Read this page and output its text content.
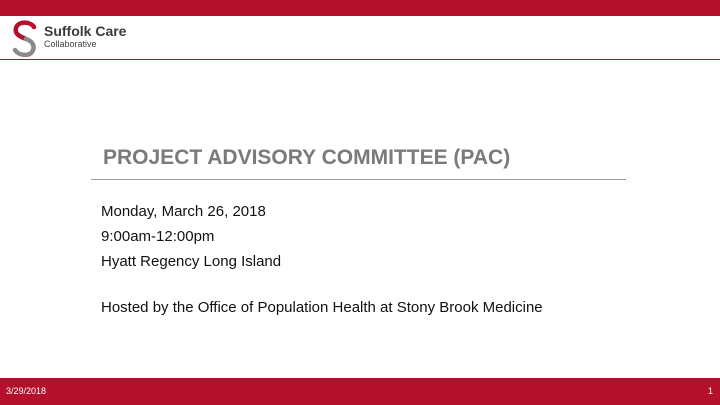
Suffolk Care
Collaborative
PROJECT ADVISORY COMMITTEE (PAC)
Monday, March 26, 2018
9:00am-12:00pm
Hyatt Regency Long Island
Hosted by the Office of Population Health at Stony Brook Medicine
3/29/2018	1
